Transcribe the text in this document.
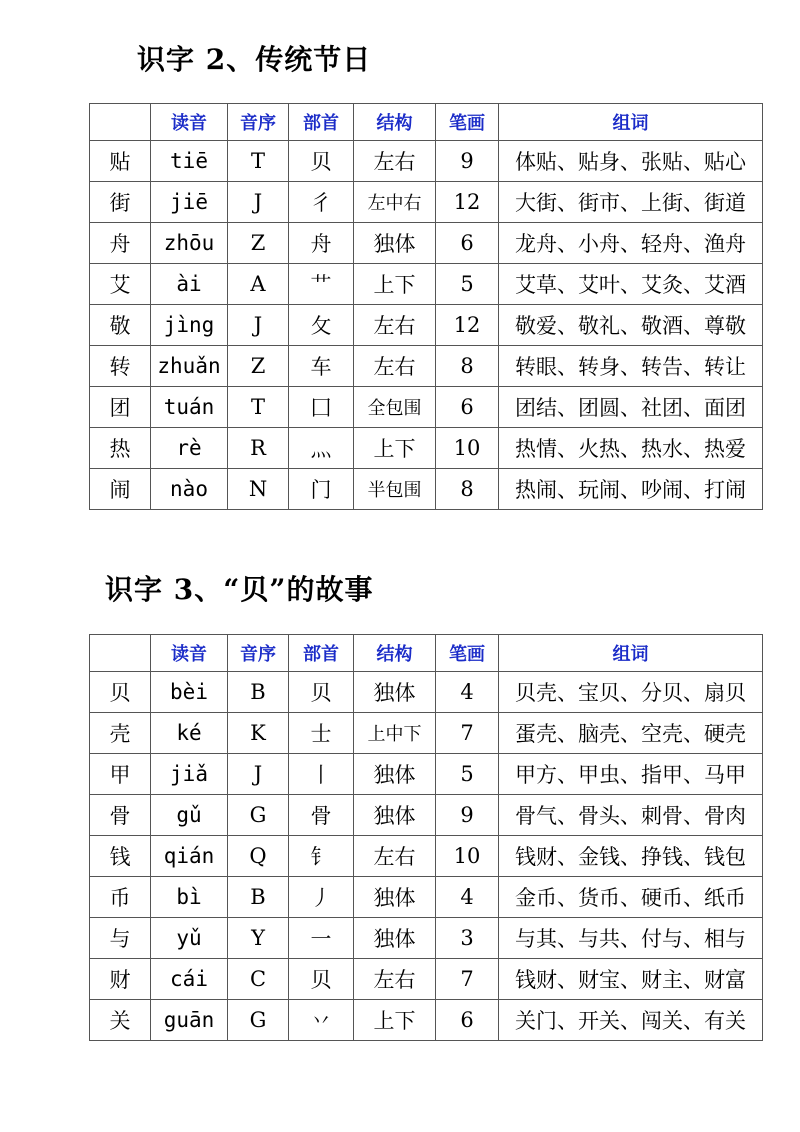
识字 2、传统节日
	读音	音序	部首	结构	笔画	组词
贴	tiē	T	贝	左右	9	体贴、贴身、张贴、贴心
街	jiē	J	彳	左中右	12	大街、街市、上街、街道
舟	zhōu	Z	舟	独体	6	龙舟、小舟、轻舟、渔舟
艾	ài	A	艹	上下	5	艾草、艾叶、艾灸、艾酒
敬	jìng	J	攵	左右	12	敬爱、敬礼、敬酒、尊敬
转	zhuǎn	Z	车	左右	8	转眼、转身、转告、转让
团	tuán	T	囗	全包围	6	团结、团圆、社团、面团
热	rè	R	灬	上下	10	热情、火热、热水、热爱
闹	nào	N	门	半包围	8	热闹、玩闹、吵闹、打闹
识字 3、“贝”的故事
	读音	音序	部首	结构	笔画	组词
贝	bèi	B	贝	独体	4	贝壳、宝贝、分贝、扇贝
壳	ké	K	士	上中下	7	蛋壳、脑壳、空壳、硬壳
甲	jiǎ	J	丨	独体	5	甲方、甲虫、指甲、马甲
骨	gǔ	G	骨	独体	9	骨气、骨头、刺骨、骨肉
钱	qián	Q	钅	左右	10	钱财、金钱、挣钱、钱包
币	bì	B	丿	独体	4	金币、货币、硬币、纸币
与	yǔ	Y	一	独体	3	与其、与共、付与、相与
财	cái	C	贝	左右	7	钱财、财宝、财主、财富
关	guān	G	丷	上下	6	关门、开关、闯关、有关
